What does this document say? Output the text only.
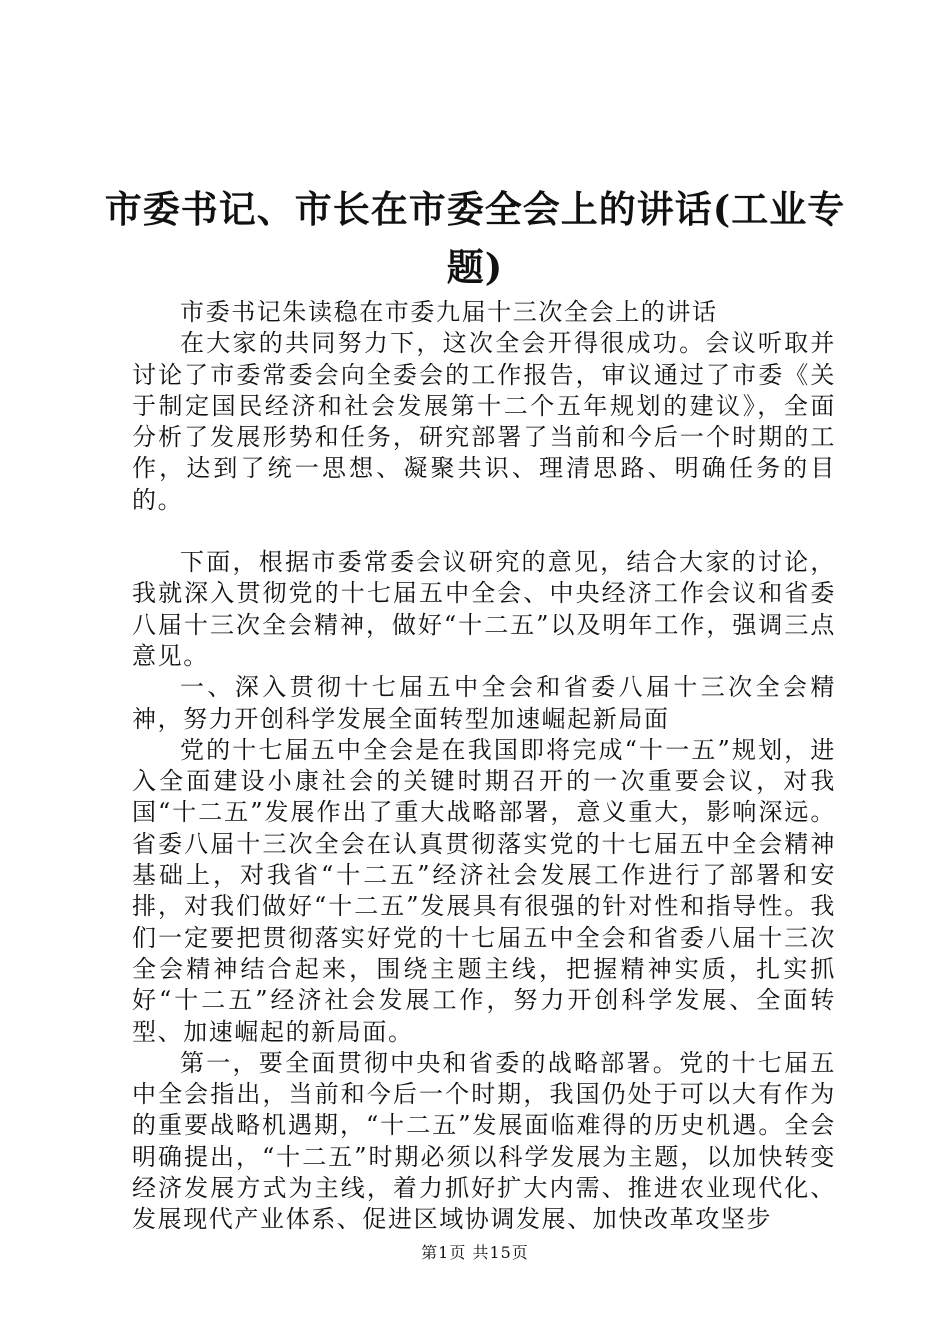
市委书记、市长在市委全会上的讲话(工业专题)

市委书记朱读稳在市委九届十三次全会上的讲话

在大家的共同努力下，这次全会开得很成功。会议听取并讨论了市委常委会向全委会的工作报告，审议通过了市委《关于制定国民经济和社会发展第十二个五年规划的建议》，全面分析了发展形势和任务，研究部署了当前和今后一个时期的工作，达到了统一思想、凝聚共识、理清思路、明确任务的目的。

下面，根据市委常委会议研究的意见，结合大家的讨论，我就深入贯彻党的十七届五中全会、中央经济工作会议和省委八届十三次全会精神，做好“十二五”以及明年工作，强调三点意见。

一、深入贯彻十七届五中全会和省委八届十三次全会精神，努力开创科学发展全面转型加速崛起新局面

党的十七届五中全会是在我国即将完成“十一五”规划，进入全面建设小康社会的关键时期召开的一次重要会议，对我国“十二五”发展作出了重大战略部署，意义重大，影响深远。省委八届十三次全会在认真贯彻落实党的十七届五中全会精神基础上，对我省“十二五”经济社会发展工作进行了部署和安排，对我们做好“十二五”发展具有很强的针对性和指导性。我们一定要把贯彻落实好党的十七届五中全会和省委八届十三次全会精神结合起来，围绕主题主线，把握精神实质，扎实抓好“十二五”经济社会发展工作，努力开创科学发展、全面转型、加速崛起的新局面。

第一，要全面贯彻中央和省委的战略部署。党的十七届五中全会指出，当前和今后一个时期，我国仍处于可以大有作为的重要战略机遇期，“十二五”发展面临难得的历史机遇。全会明确提出，“十二五”时期必须以科学发展为主题，以加快转变经济发展方式为主线，着力抓好扩大内需、推进农业现代化、发展现代产业体系、促进区域协调发展、加快改革攻坚步

第1页 共15页
